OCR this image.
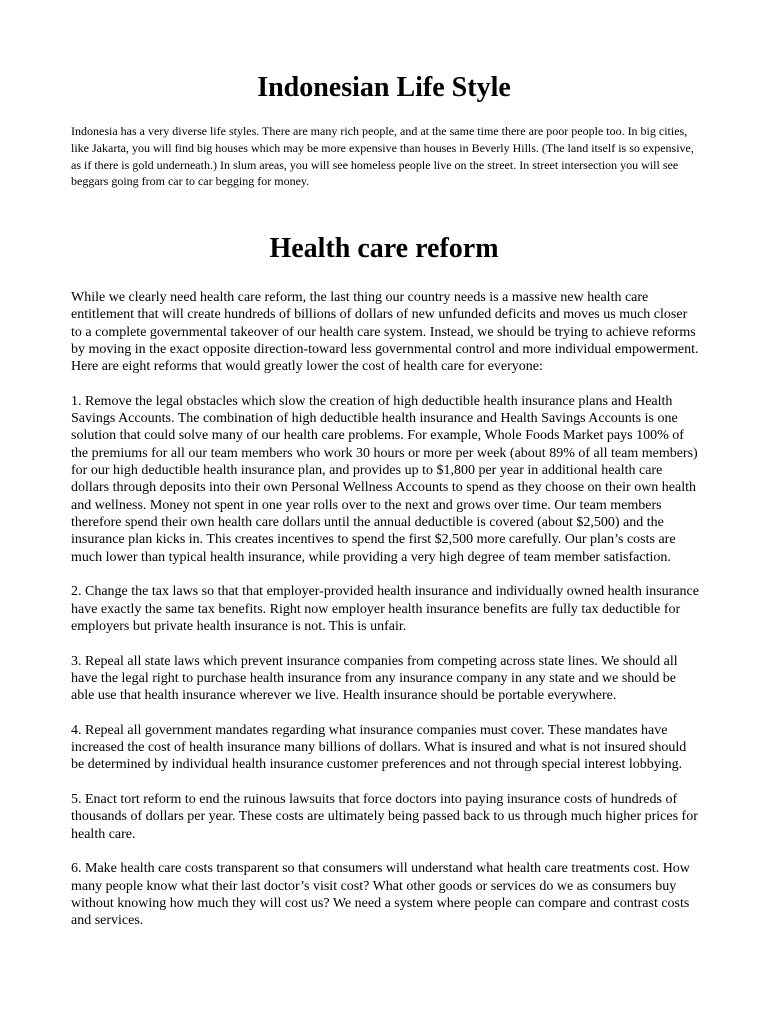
Indonesian Life Style

Indonesia has a very diverse life styles. There are many rich people, and at the same time there are poor people too. In big cities, like Jakarta, you will find big houses which may be more expensive than houses in Beverly Hills. (The land itself is so expensive, as if there is gold underneath.) In slum areas, you will see homeless people live on the street. In street intersection you will see beggars going from car to car begging for money.

Health care reform

While we clearly need health care reform, the last thing our country needs is a massive new health care entitlement that will create hundreds of billions of dollars of new unfunded deficits and moves us much closer to a complete governmental takeover of our health care system. Instead, we should be trying to achieve reforms by moving in the exact opposite direction-toward less governmental control and more individual empowerment. Here are eight reforms that would greatly lower the cost of health care for everyone:

1. Remove the legal obstacles which slow the creation of high deductible health insurance plans and Health Savings Accounts. The combination of high deductible health insurance and Health Savings Accounts is one solution that could solve many of our health care problems. For example, Whole Foods Market pays 100% of the premiums for all our team members who work 30 hours or more per week (about 89% of all team members) for our high deductible health insurance plan, and provides up to $1,800 per year in additional health care dollars through deposits into their own Personal Wellness Accounts to spend as they choose on their own health and wellness. Money not spent in one year rolls over to the next and grows over time. Our team members therefore spend their own health care dollars until the annual deductible is covered (about $2,500) and the insurance plan kicks in. This creates incentives to spend the first $2,500 more carefully. Our plan’s costs are much lower than typical health insurance, while providing a very high degree of team member satisfaction.

2. Change the tax laws so that that employer-provided health insurance and individually owned health insurance have exactly the same tax benefits. Right now employer health insurance benefits are fully tax deductible for employers but private health insurance is not. This is unfair.

3. Repeal all state laws which prevent insurance companies from competing across state lines. We should all have the legal right to purchase health insurance from any insurance company in any state and we should be able use that health insurance wherever we live. Health insurance should be portable everywhere.

4. Repeal all government mandates regarding what insurance companies must cover. These mandates have increased the cost of health insurance many billions of dollars. What is insured and what is not insured should be determined by individual health insurance customer preferences and not through special interest lobbying.

5. Enact tort reform to end the ruinous lawsuits that force doctors into paying insurance costs of hundreds of thousands of dollars per year. These costs are ultimately being passed back to us through much higher prices for health care.

6. Make health care costs transparent so that consumers will understand what health care treatments cost. How many people know what their last doctor’s visit cost? What other goods or services do we as consumers buy without knowing how much they will cost us? We need a system where people can compare and contrast costs and services.
